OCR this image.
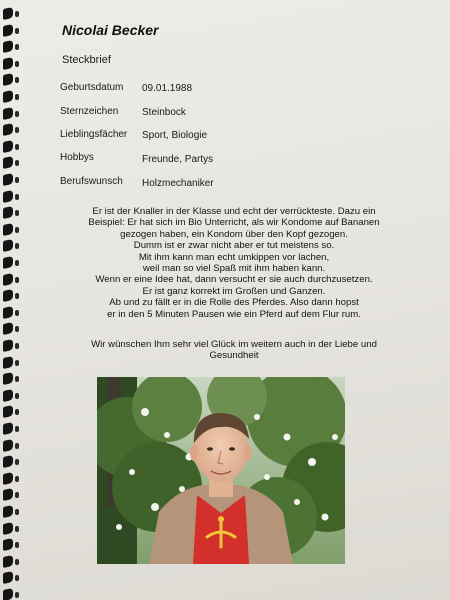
Nicolai Becker
Steckbrief
Geburtsdatum 09.01.1988
Sternzeichen Steinbock
Lieblingsfächer Sport, Biologie
Hobbys	Freunde, Partys
Berufswunsch Holzmechaniker
Er ist der Knaller in der Klasse und echt der verrückteste. Dazu ein
Beispiel: Er hat sich im Bio Unterricht, als wir Kondome auf Bananen
gezogen haben, ein Kondom über den Kopf gezogen.
Dumm ist er zwar nicht aber er tut meistens so.
Mit ihm kann man echt umkippen vor lachen,
weil man so viel Spaß mit ihm haben kann.
Wenn er eine Idee hat, dann versucht er sie auch durchzusetzen.
Er ist ganz korrekt im Großen und Ganzen.
Ab und zu fällt er in die Rolle des Pferdes. Also dann hopst
er in den 5 Minuten Pausen wie ein Pferd auf dem Flur rum.
Wir wünschen Ihm sehr viel Glück im weitern auch in der Liebe und
Gesundheit
